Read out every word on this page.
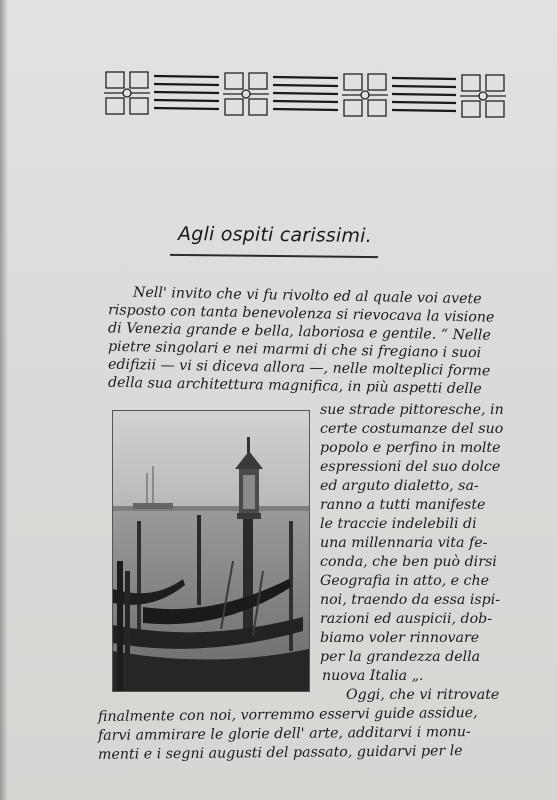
Agli ospiti carissimi.
Nell' invito che vi fu rivolto ed al quale voi avete
risposto con tanta benevolenza si rievocava la visione
di Venezia grande e bella, laboriosa e gentile. “ Nelle
pietre singolari e nei marmi di che si fregiano i suoi
edifizii — vi si diceva allora —, nelle molteplici forme
della sua architettura magnifica, in più aspetti delle
sue strade pittoresche, in
certe costumanze del suo
popolo e perfino in molte
espressioni del suo dolce
ed arguto dialetto, sa-
ranno a tutti manifeste
le traccie indelebili di
una millennaria vita fe-
conda, che ben può dirsi
Geografia in atto, e che
noi, traendo da essa ispi-
razioni ed auspicii, dob-
biamo voler rinnovare
per la grandezza della
nuova Italia „.
Oggi, che vi ritrovate
finalmente con noi, vorremmo esservi guide assidue,
farvi ammirare le glorie dell' arte, additarvi i monu-
menti e i segni augusti del passato, guidarvi per le
